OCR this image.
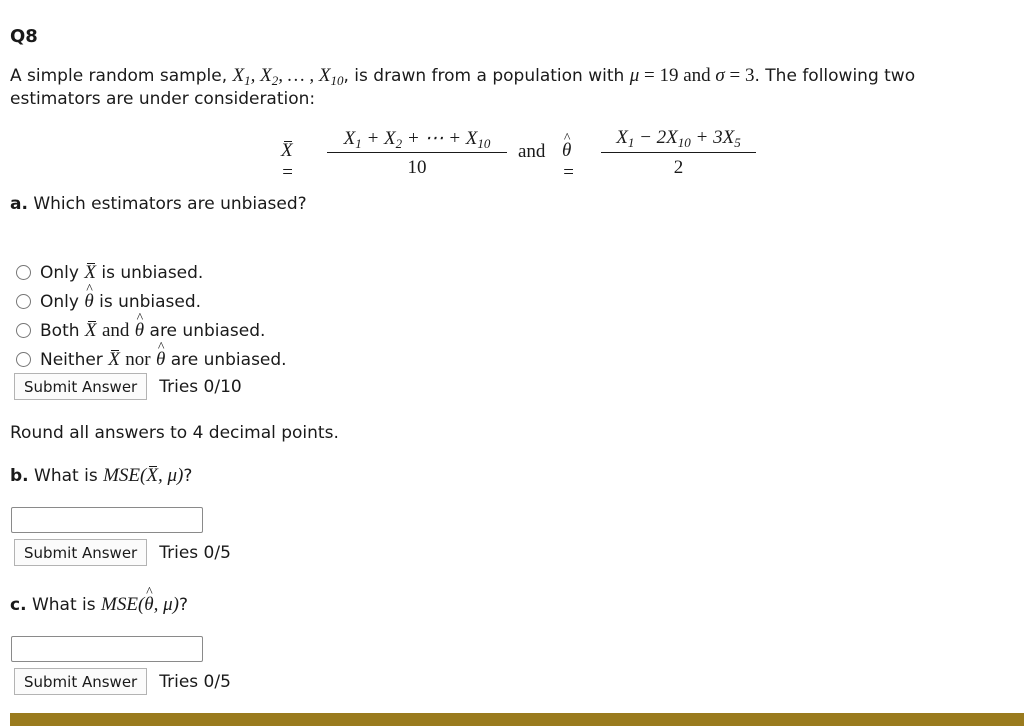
Q8
A simple random sample, $X_1$, $X_2$, … , $X_{10}$, is drawn from a population with μ = 19 and σ = 3. The following two estimators are under consideration:
X =
$X_1 + X_2$ + ⋯ + $X_{10}$
10
and ^ θ =
$X_1 - 2X_{10} + 3X_5$
2
a. Which estimators are unbiased?
Only X is unbiased.
Only ^ θ is unbiased.
Both X and ^ θ are unbiased.
Neither X nor ^ θ are unbiased.
Submit Answer	Tries 0/10
Round all answers to 4 decimal points.
b. What is MSE(X, μ)?
Submit Answer	Tries 0/5
c. What is MSE(^ θ, μ)?
Submit Answer	Tries 0/5
